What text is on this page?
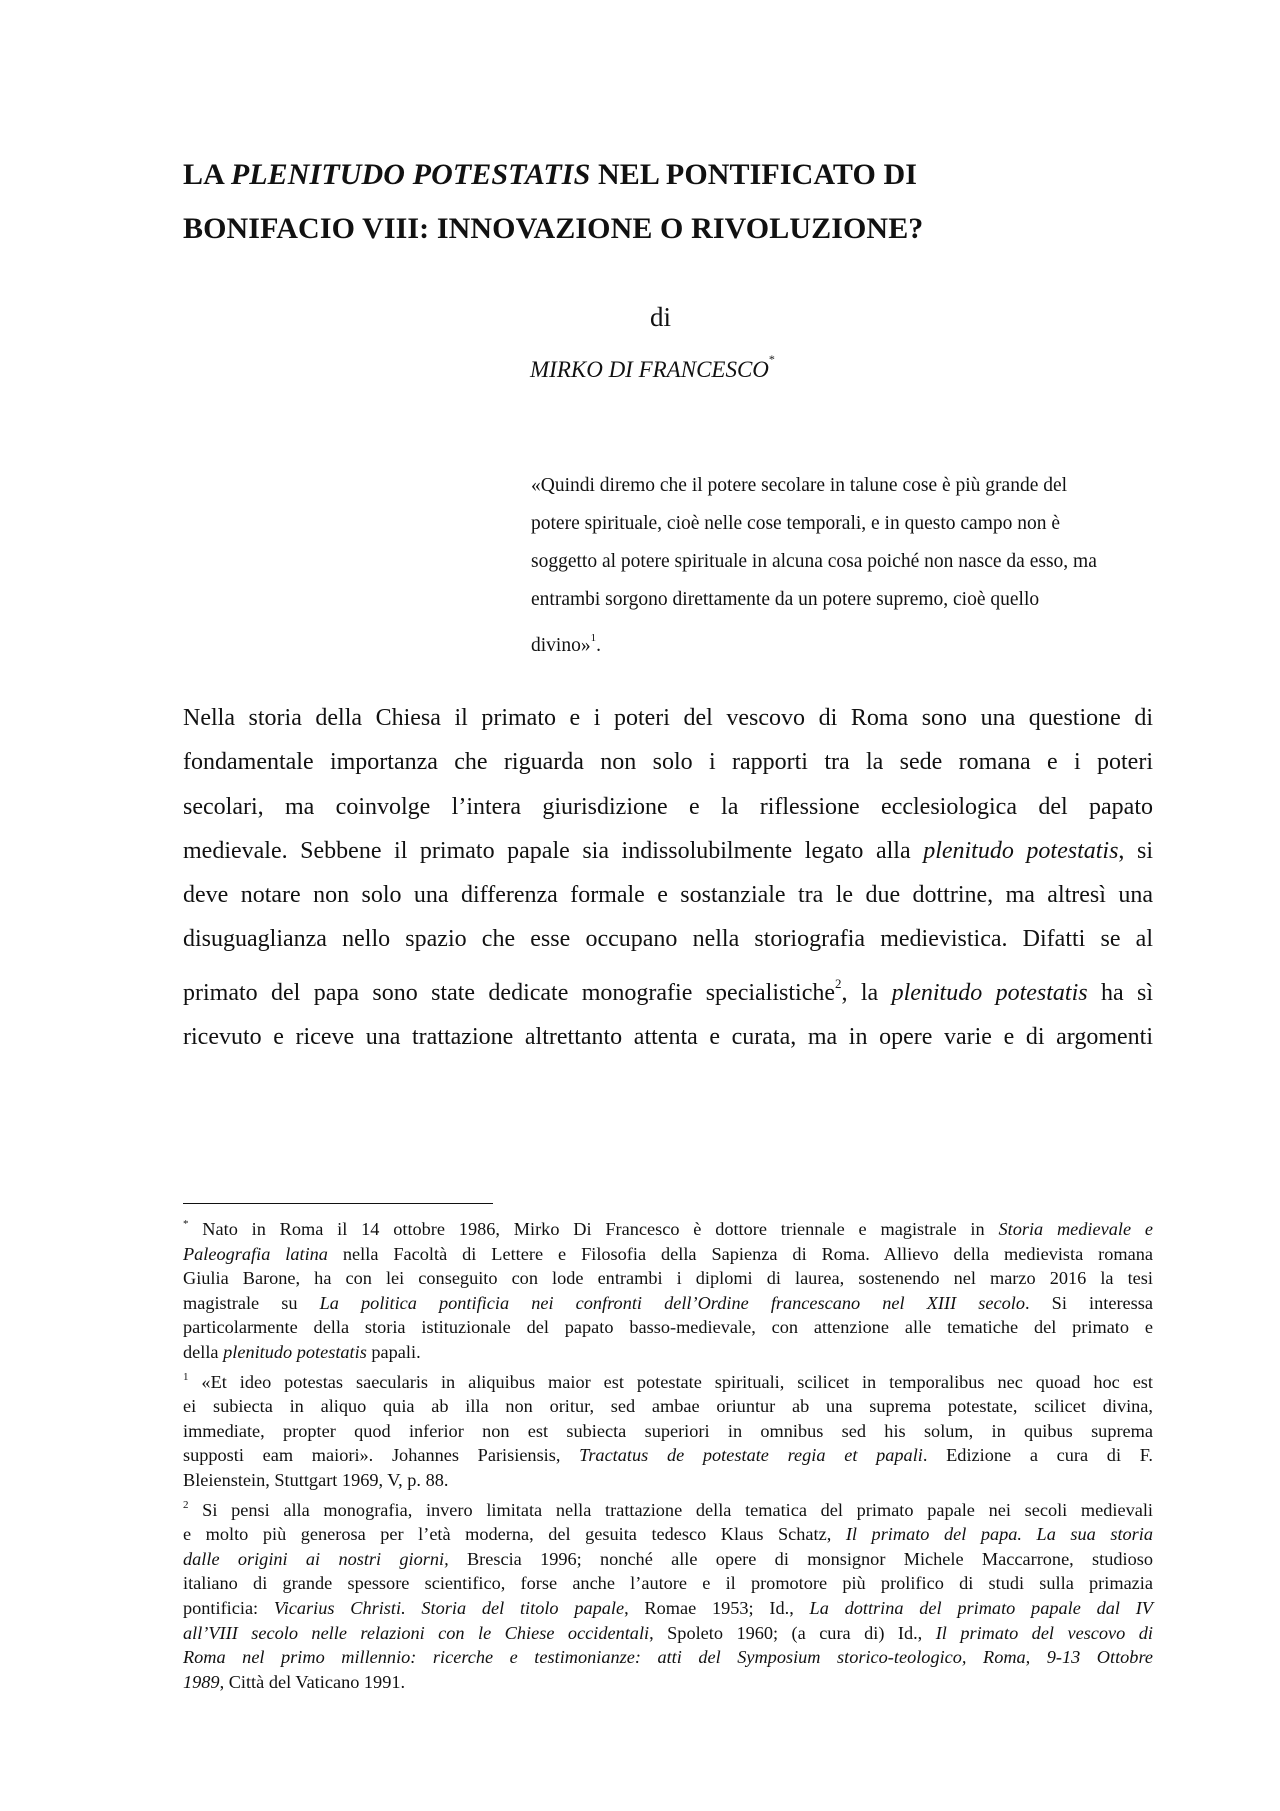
LA PLENITUDO POTESTATIS NEL PONTIFICATO DI
BONIFACIO VIII: INNOVAZIONE O RIVOLUZIONE?
di
MIRKO DI FRANCESCO*
«Quindi diremo che il potere secolare in talune cose è più grande del
potere spirituale, cioè nelle cose temporali, e in questo campo non è
soggetto al potere spirituale in alcuna cosa poiché non nasce da esso, ma
entrambi sorgono direttamente da un potere supremo, cioè quello
divino»$^1$.
Nella storia della Chiesa il primato e i poteri del vescovo di Roma sono una questione di
fondamentale importanza che riguarda non solo i rapporti tra la sede romana e i poteri
secolari, ma coinvolge l’intera giurisdizione e la riflessione ecclesiologica del papato
medievale. Sebbene il primato papale sia indissolubilmente legato alla plenitudo potestatis, si
deve notare non solo una differenza formale e sostanziale tra le due dottrine, ma altresì una
disuguaglianza nello spazio che esse occupano nella storiografia medievistica. Difatti se al
primato del papa sono state dedicate monografie specialistiche$^2$, la plenitudo potestatis ha sì
ricevuto e riceve una trattazione altrettanto attenta e curata, ma in opere varie e di argomenti
* Nato in Roma il 14 ottobre 1986, Mirko Di Francesco è dottore triennale e magistrale in Storia medievale e
Paleografia latina nella Facoltà di Lettere e Filosofia della Sapienza di Roma. Allievo della medievista romana
Giulia Barone, ha con lei conseguito con lode entrambi i diplomi di laurea, sostenendo nel marzo 2016 la tesi
magistrale su La politica pontificia nei confronti dell’Ordine francescano nel XIII secolo. Si interessa
particolarmente della storia istituzionale del papato basso-medievale, con attenzione alle tematiche del primato e
della plenitudo potestatis papali.
$^1$ «Et ideo potestas saecularis in aliquibus maior est potestate spirituali, scilicet in temporalibus nec quoad hoc est
ei subiecta in aliquo quia ab illa non oritur, sed ambae oriuntur ab una suprema potestate, scilicet divina,
immediate, propter quod inferior non est subiecta superiori in omnibus sed his solum, in quibus suprema
supposti eam maiori». Johannes Parisiensis, Tractatus de potestate regia et papali. Edizione a cura di F.
Bleienstein, Stuttgart 1969, V, p. 88.
$^2$ Si pensi alla monografia, invero limitata nella trattazione della tematica del primato papale nei secoli medievali
e molto più generosa per l’età moderna, del gesuita tedesco Klaus Schatz, Il primato del papa. La sua storia
dalle origini ai nostri giorni, Brescia 1996; nonché alle opere di monsignor Michele Maccarrone, studioso
italiano di grande spessore scientifico, forse anche l’autore e il promotore più prolifico di studi sulla primazia
pontificia: Vicarius Christi. Storia del titolo papale, Romae 1953; Id., La dottrina del primato papale dal IV
all’VIII secolo nelle relazioni con le Chiese occidentali, Spoleto 1960; (a cura di) Id., Il primato del vescovo di
Roma nel primo millennio: ricerche e testimonianze: atti del Symposium storico-teologico, Roma, 9-13 Ottobre
1989, Città del Vaticano 1991.
